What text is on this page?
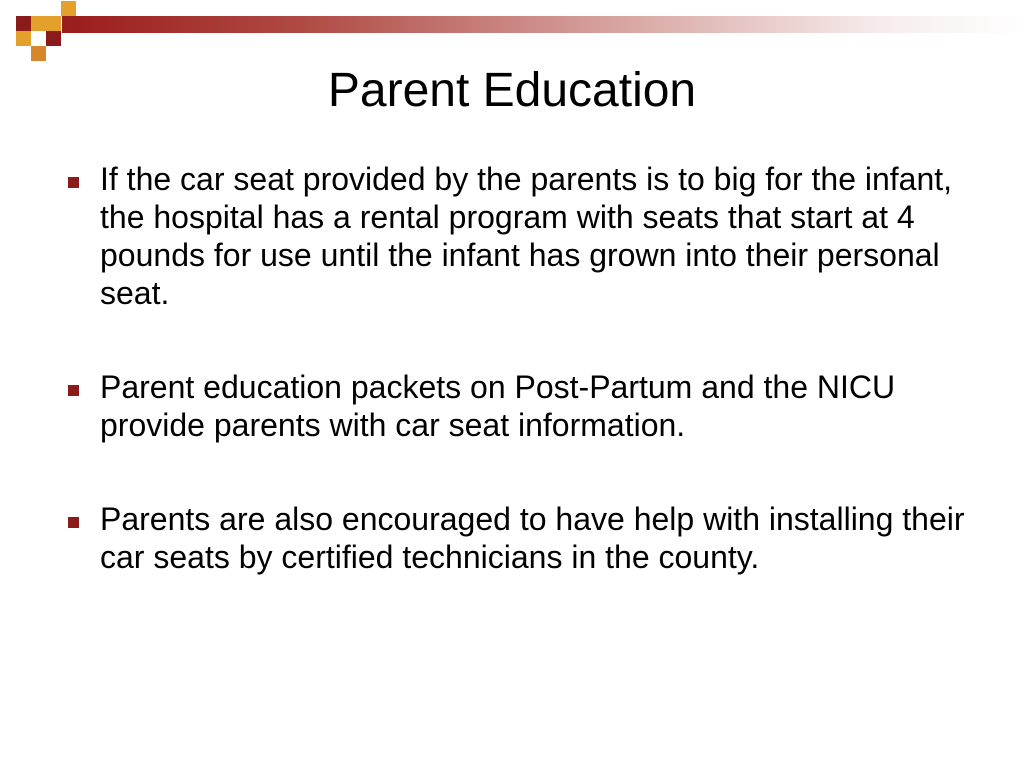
Parent Education
If the car seat provided by the parents is to big for the infant, the hospital has a rental program with seats that start at 4 pounds for use until the infant has grown into their personal seat.
Parent education packets on Post-Partum and the NICU provide parents with car seat information.
Parents are also encouraged to have help with installing their car seats by certified technicians in the county.
